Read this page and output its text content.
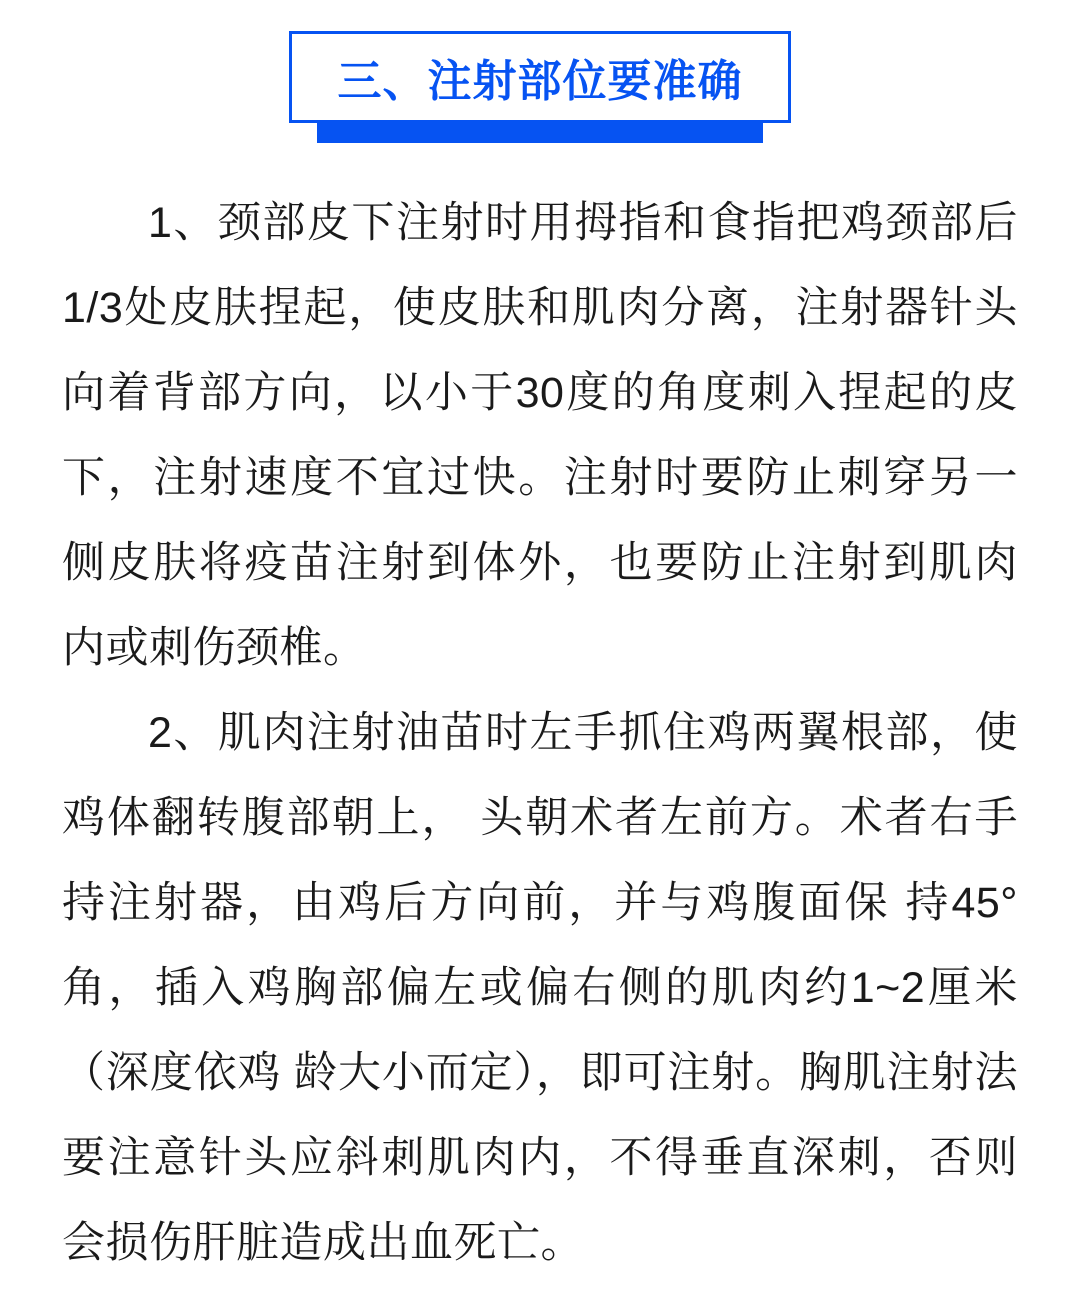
三、注射部位要准确

1、颈部皮下注射时用拇指和食指把鸡颈部后1/3处皮肤捏起，使皮肤和肌肉分离，注射器针头向着背部方向，以小于30度的角度刺入捏起的皮下，注射速度不宜过快。注射时要防止刺穿另一侧皮肤将疫苗注射到体外，也要防止注射到肌肉内或刺伤颈椎。

2、肌肉注射油苗时左手抓住鸡两翼根部，使鸡体翻转腹部朝上， 头朝术者左前方。术者右手持注射器，由鸡后方向前，并与鸡腹面保 持45°角，插入鸡胸部偏左或偏右侧的肌肉约1~2厘米（深度依鸡 龄大小而定），即可注射。胸肌注射法要注意针头应斜刺肌肉内，不得垂直深刺，否则会损伤肝脏造成出血死亡。
